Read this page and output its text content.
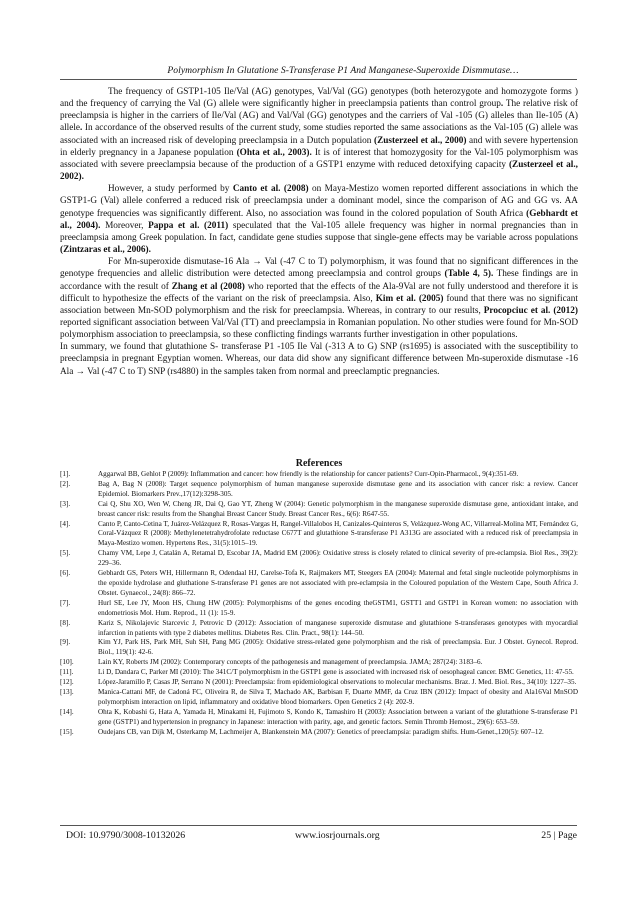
Polymorphism In Glutatione S-Transferase P1 And Manganese-Superoxide Dismmutase…

The frequency of GSTP1-105 Ile/Val (AG) genotypes, Val/Val (GG) genotypes (both heterozygote and homozygote forms ) and the frequency of carrying the Val (G) allele were significantly higher in preeclampsia patients than control group. The relative risk of preeclampsia is higher in the carriers of Ile/Val (AG) and Val/Val (GG) genotypes and the carriers of Val -105 (G) alleles than Ile-105 (A) allele. In accordance of the observed results of the current study, some studies reported the same associations as the Val-105 (G) allele was associated with an increased risk of developing preeclampsia in a Dutch population (Zusterzeel et al., 2000) and with severe hypertension in elderly pregnancy in a Japanese population (Ohta et al., 2003). It is of interest that homozygosity for the Val-105 polymorphism was associated with severe preeclampsia because of the production of a GSTP1 enzyme with reduced detoxifying capacity (Zusterzeel et al., 2002).

However, a study performed by Canto et al. (2008) on Maya-Mestizo women reported different associations in which the GSTP1-G (Val) allele conferred a reduced risk of preeclampsia under a dominant model, since the comparison of AG and GG vs. AA genotype frequencies was significantly different. Also, no association was found in the colored population of South Africa (Gebhardt et al., 2004). Moreover, Pappa et al. (2011) speculated that the Val-105 allele frequency was higher in normal pregnancies than in preeclampsia among Greek population. In fact, candidate gene studies suppose that single-gene effects may be variable across populations (Zintzaras et al., 2006).

For Mn-superoxide dismutase-16 Ala → Val (-47 C to T) polymorphism, it was found that no significant differences in the genotype frequencies and allelic distribution were detected among preeclampsia and control groups (Table 4, 5). These findings are in accordance with the result of Zhang et al (2008) who reported that the effects of the Ala-9Val are not fully understood and therefore it is difficult to hypothesize the effects of the variant on the risk of preeclampsia. Also, Kim et al. (2005) found that there was no significant association between Mn-SOD polymorphism and the risk for preeclampsia. Whereas, in contrary to our results, Procopciuc et al. (2012) reported significant association between Val/Val (TT) and preeclampsia in Romanian population. No other studies were found for Mn-SOD polymorphism association to preeclampsia, so these conflicting findings warrants further investigation in other populations.

In summary, we found that glutathione S- transferase P1 -105 Ile Val (-313 A to G) SNP (rs1695) is associated with the susceptibility to preeclampsia in pregnant Egyptian women. Whereas, our data did show any significant difference between Mn-superoxide dismutase -16 Ala → Val (-47 C to T) SNP (rs4880) in the samples taken from normal and preeclamptic pregnancies.

References
[1].	Aggarwal BB, Gehlot P (2009): Inflammation and cancer: how friendly is the relationship for cancer patients? Curr-Opin-Pharmacol., 9(4):351-69.
[2].	Bag A, Bag N (2008): Target sequence polymorphism of human manganese superoxide dismutase gene and its association with cancer risk: a review. Cancer Epidemiol. Biomarkers Prev.,17(12):3298-305.
[3].	Cai Q, Shu XO, Wen W, Cheng JR, Dai Q, Gao YT, Zheng W (2004): Genetic polymorphism in the manganese superoxide dismutase gene, antioxidant intake, and breast cancer risk: results from the Shanghai Breast Cancer Study. Breast Cancer Res., 6(6): R647-55.
[4].	Canto P, Canto-Cetina T, Juárez-Velázquez R, Rosas-Vargas H, Rangel-Villalobos H, Canizales-Quinteros S, Velázquez-Wong AC, Villarreal-Molina MT, Fernández G, Coral-Vázquez R (2008): Methylenetetrahydrofolate reductase C677T and glutathione S-transferase P1 A313G are associated with a reduced risk of preeclampsia in Maya-Mestizo women. Hypertens Res., 31(5):1015–19.
[5].	Chamy VM, Lepe J, Catalán A, Retamal D, Escobar JA, Madrid EM (2006): Oxidative stress is closely related to clinical severity of pre-eclampsia. Biol Res., 39(2): 229–36.
[6].	Gebhardt GS, Peters WH, Hillermann R, Odendaal HJ, Carelse-Tofa K, Raijmakers MT, Steegers EA (2004): Maternal and fetal single nucleotide polymorphisms in the epoxide hydrolase and gluthatione S-transferase P1 genes are not associated with pre-eclampsia in the Coloured population of the Western Cape, South Africa J. Obstet. Gynaecol., 24(8): 866–72.
[7].	Hurl SE, Lee JY, Moon HS, Chung HW (2005): Polymorphisms of the genes encoding theGSTM1, GSTT1 and GSTP1 in Korean women: no association with endometriosis Mol. Hum. Reprod., 11 (1): 15-9.
[8].	Kariz S, Nikolajevic Starcevic J, Petrovic D (2012): Association of manganese superoxide dismutase and glutathione S-transferases genotypes with myocardial infarction in patients with type 2 diabetes mellitus. Diabetes Res. Clin. Pract., 98(1): 144–50.
[9].	Kim YJ, Park HS, Park MH, Suh SH, Pang MG (2005): Oxidative stress-related gene polymorphism and the risk of preeclampsia. Eur. J Obstet. Gynecol. Reprod. Biol., 119(1): 42-6.
[10].	Lain KY, Roberts JM (2002): Contemporary concepts of the pathogenesis and management of preeclampsia. JAMA; 287(24): 3183–6.
[11].	Li D, Dandara C, Parker MI (2010): The 341C/T polymorphism in the GSTP1 gene is associated with increased risk of oesophageal cancer. BMC Genetics, 11: 47-55.
[12].	López-Jaramillo P, Casas JP, Serrano N (2001): Preeclampsia: from epidemiological observations to molecular mechanisms. Braz. J. Med. Biol. Res., 34(10): 1227–35.
[13].	Manica-Cattani MF, de Cadoná FC, Oliveira R, de Silva T, Machado AK, Barbisan F, Duarte MMF, da Cruz IBN (2012): Impact of obesity and Ala16Val MnSOD polymorphism interaction on lipid, inflammatory and oxidative blood biomarkers. Open Genetics 2 (4): 202-9.
[14].	Ohta K, Kobashi G, Hata A, Yamada H, Minakami H, Fujimoto S, Kondo K, Tamashiro H (2003): Association between a variant of the glutathione S-transferase P1 gene (GSTP1) and hypertension in pregnancy in Japanese: interaction with parity, age, and genetic factors. Semin Thromb Hemost., 29(6): 653–59.
[15].	Oudejans CB, van Dijk M, Osterkamp M, Lachmeijer A, Blankenstein MA (2007): Genetics of preeclampsia: paradigm shifts. Hum-Genet.,120(5): 607–12.
DOI: 10.9790/3008-10132026	www.iosrjournals.org	25 | Page
